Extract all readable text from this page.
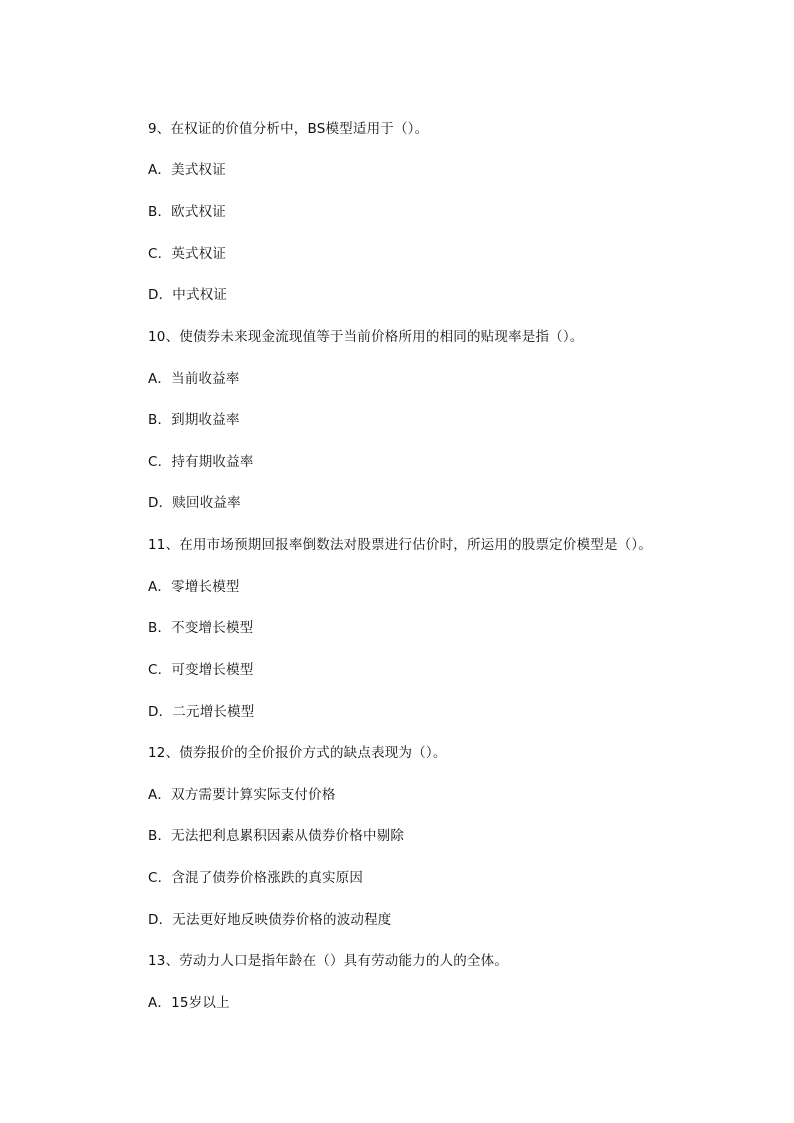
9、在权证的价值分析中，BS模型适用于（）。
A．美式权证
B．欧式权证
C．英式权证
D．中式权证
10、使债券未来现金流现值等于当前价格所用的相同的贴现率是指（）。
A．当前收益率
B．到期收益率
C．持有期收益率
D．赎回收益率
11、在用市场预期回报率倒数法对股票进行估价时，所运用的股票定价模型是（）。
A．零增长模型
B．不变增长模型
C．可变增长模型
D．二元增长模型
12、债券报价的全价报价方式的缺点表现为（）。
A．双方需要计算实际支付价格
B．无法把利息累积因素从债券价格中剔除
C．含混了债券价格涨跌的真实原因
D．无法更好地反映债券价格的波动程度
13、劳动力人口是指年龄在（）具有劳动能力的人的全体。
A．15岁以上
